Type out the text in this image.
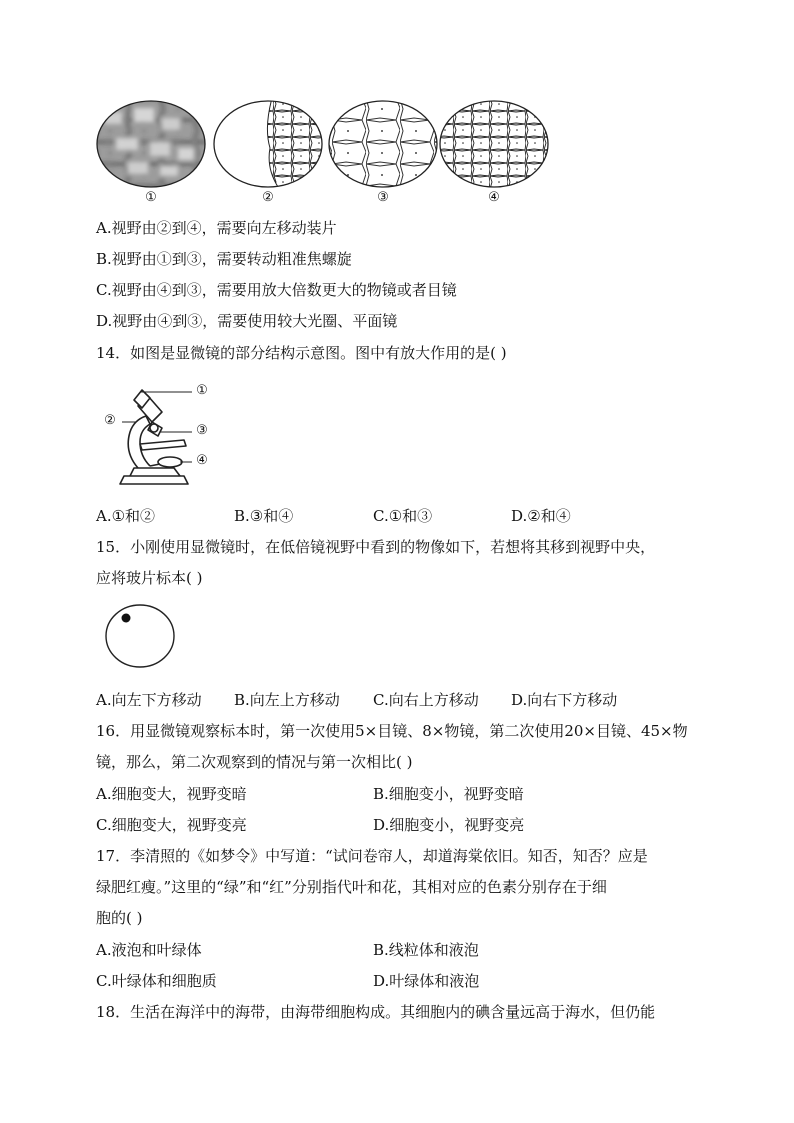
①	②	③	④
A.视野由②到④，需要向左移动装片
B.视野由①到③，需要转动粗准焦螺旋
C.视野由④到③，需要用放大倍数更大的物镜或者目镜
D.视野由④到③，需要使用较大光圈、平面镜
14．如图是显微镜的部分结构示意图。图中有放大作用的是( )
①
②
③
④
A.①和②	B.③和④	C.①和③	D.②和④
15．小刚使用显微镜时，在低倍镜视野中看到的物像如下，若想将其移到视野中央，
应将玻片标本( )
A.向左下方移动 B.向左上方移动 C.向右上方移动 D.向右下方移动
16．用显微镜观察标本时，第一次使用5×目镜、8×物镜，第二次使用20×目镜、45×物
镜，那么，第二次观察到的情况与第一次相比( )
A.细胞变大，视野变暗	B.细胞变小，视野变暗
C.细胞变大，视野变亮	D.细胞变小，视野变亮
17．李清照的《如梦令》中写道：“试问卷帘人，却道海棠依旧。知否，知否？应是
绿肥红瘦。”这里的“绿”和“红”分别指代叶和花，其相对应的色素分别存在于细
胞的( )
A.液泡和叶绿体	B.线粒体和液泡
C.叶绿体和细胞质	D.叶绿体和液泡
18．生活在海洋中的海带，由海带细胞构成。其细胞内的碘含量远高于海水，但仍能
